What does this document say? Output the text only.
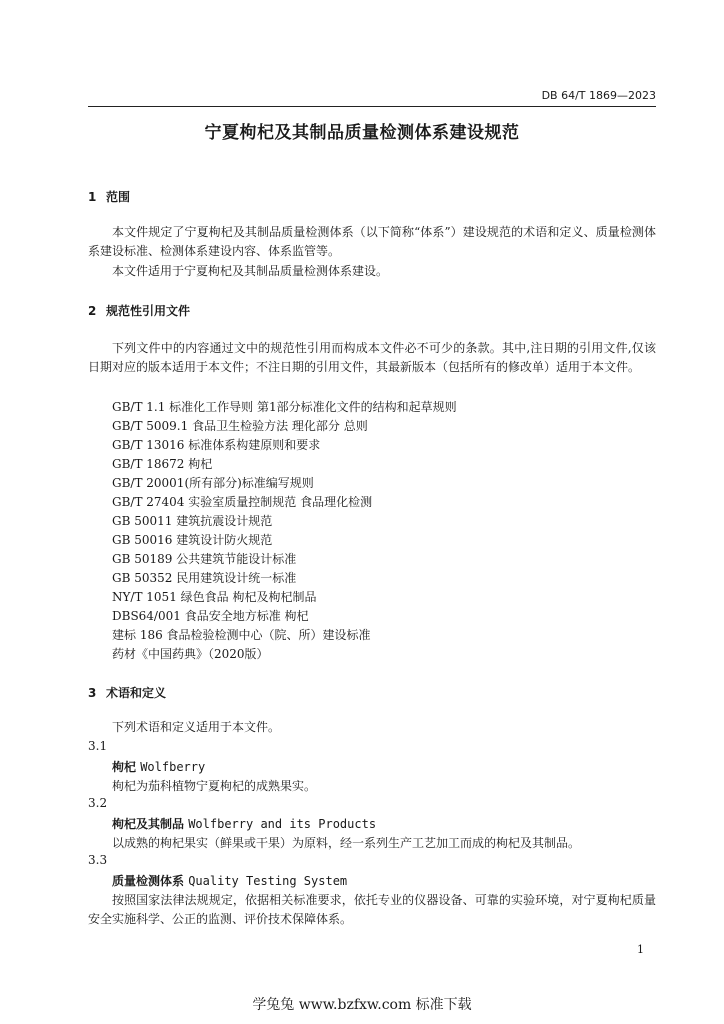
DB 64/T 1869—2023
宁夏枸杞及其制品质量检测体系建设规范
1 范围
本文件规定了宁夏枸杞及其制品质量检测体系（以下简称“体系”）建设规范的术语和定义、质量检测体系建设标准、检测体系建设内容、体系监管等。
本文件适用于宁夏枸杞及其制品质量检测体系建设。
2 规范性引用文件
下列文件中的内容通过文中的规范性引用而构成本文件必不可少的条款。其中,注日期的引用文件,仅该日期对应的版本适用于本文件；不注日期的引用文件，其最新版本（包括所有的修改单）适用于本文件。
GB/T 1.1 标准化工作导则 第1部分标准化文件的结构和起草规则
GB/T 5009.1 食品卫生检验方法 理化部分 总则
GB/T 13016 标准体系构建原则和要求
GB/T 18672 枸杞
GB/T 20001(所有部分)标准编写规则
GB/T 27404 实验室质量控制规范 食品理化检测
GB 50011 建筑抗震设计规范
GB 50016 建筑设计防火规范
GB 50189 公共建筑节能设计标准
GB 50352 民用建筑设计统一标准
NY/T 1051 绿色食品 枸杞及枸杞制品
DBS64/001 食品安全地方标准 枸杞
建标 186 食品检验检测中心（院、所）建设标准
药材《中国药典》（2020版）
3 术语和定义
下列术语和定义适用于本文件。
3.1
枸杞 Wolfberry
枸杞为茄科植物宁夏枸杞的成熟果实。
3.2
枸杞及其制品 Wolfberry and its Products
以成熟的枸杞果实（鲜果或干果）为原料，经一系列生产工艺加工而成的枸杞及其制品。
3.3
质量检测体系 Quality Testing System
按照国家法律法规规定，依据相关标准要求，依托专业的仪器设备、可靠的实验环境，对宁夏枸杞质量安全实施科学、公正的监测、评价技术保障体系。
1
学兔兔 www.bzfxw.com 标准下载
